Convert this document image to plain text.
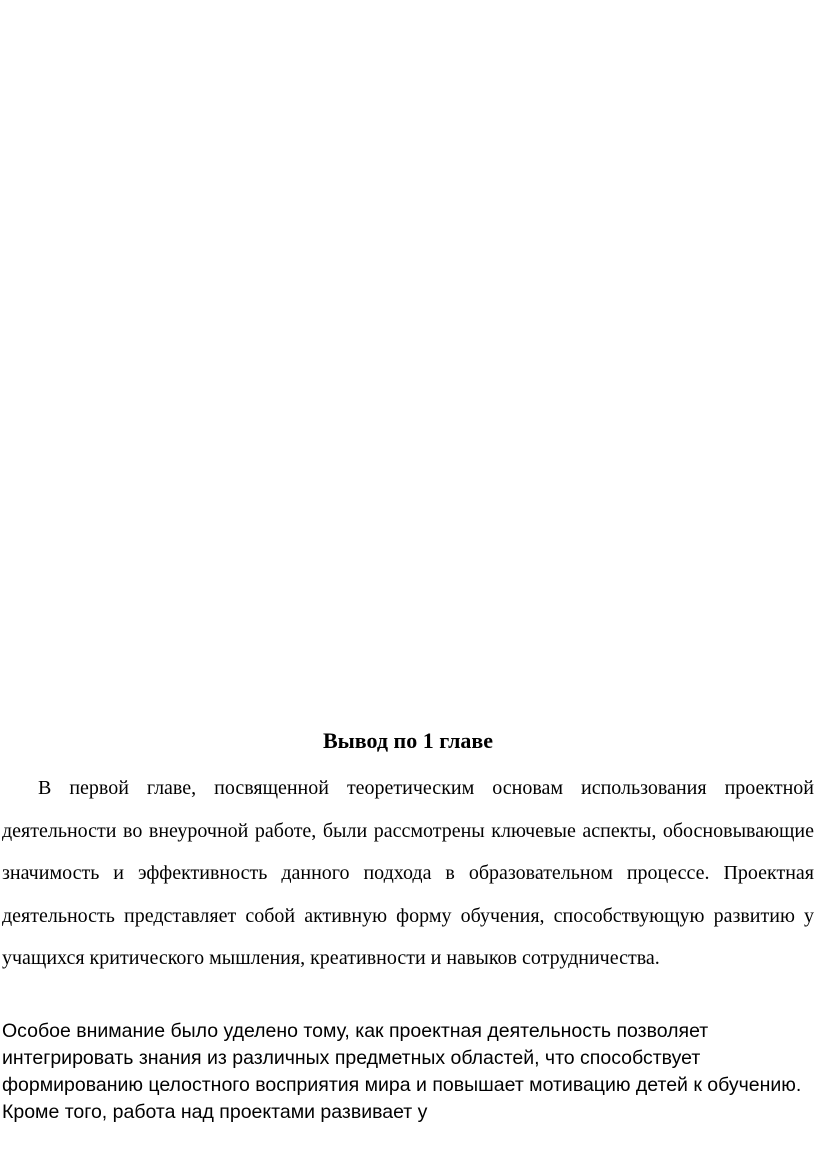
Вывод по 1 главе

В первой главе, посвященной теоретическим основам использования проектной деятельности во внеурочной работе, были рассмотрены ключевые аспекты, обосновывающие значимость и эффективность данного подхода в образовательном процессе. Проектная деятельность представляет собой активную форму обучения, способствующую развитию у учащихся критического мышления, креативности и навыков сотрудничества.

Особое внимание было уделено тому, как проектная деятельность позволяет интегрировать знания из различных предметных областей, что способствует формированию целостного восприятия мира и повышает мотивацию детей к обучению. Кроме того, работа над проектами развивает у
